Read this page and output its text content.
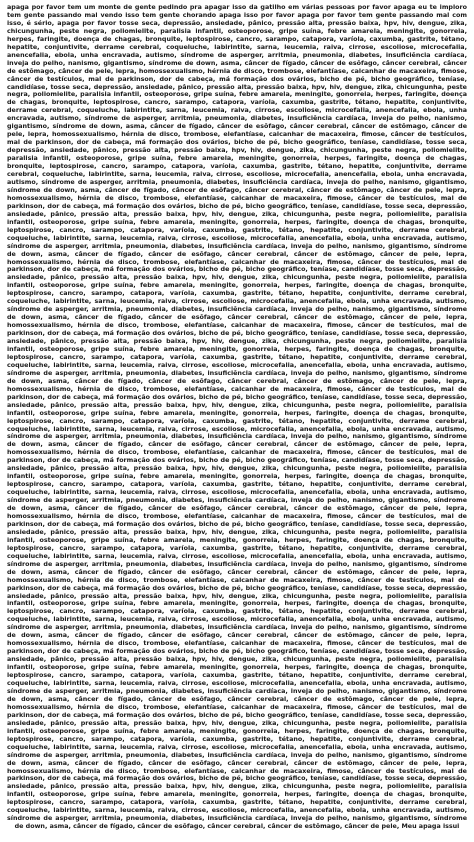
apaga por favor tem um monte de gente pedindo pra apagar isso da gatilho em várias pessoas por favor apaga eu te imploro tem gente passando mal vendo isso tem gente chorando apaga isso por favor apaga por favor tem gente passando mal com isso, é sério, apaga por favor tosse seca, depressão, ansiedade, pânico, pressão alta, pressão baixa, hpv, hiv, dengue, zika, chicungunha, peste negra, poliomielite, paralisia infantil, osteoporose, gripe suína, febre amarela, meningite, gonorreia, herpes, faringite, doença de chagas, bronquite, leptospirose, cancro, sarampo, catapora, varíola, caxumba, gastrite, tétano, hepatite, conjuntivite, derrame cerebral, coqueluche, labirintite, sarna, leucemia, raiva, cirrose, escoliose, microcefalia, anencefalia, ebola, unha encravada, autismo, síndrome de asperger, arritmia, pneumonia, diabetes, insuficiência cardíaca, inveja do pelho, nanismo, gigantismo, síndrome de down, asma, câncer de fígado, câncer de esôfago, câncer cerebral, câncer de estômago, câncer de pele, lepra, homossexualismo, hérnia de disco, trombose, elefantíase, calcanhar de macaxeira, fimose, câncer de testículos, mal de parkinson, dor de cabeça, má formação dos ovários, bicho de pé, bicho geográfico, teníase, candidíase, tosse seca, depressão, ansiedade, pânico, pressão alta, pressão baixa, hpv, hiv, dengue, zika, chicungunha, peste negra, poliomielite, paralisia infantil, osteoporose, gripe suína, febre amarela, meningite, gonorreia, herpes, faringite, doença de chagas, bronquite, leptospirose, cancro, sarampo, catapora, varíola, caxumba, gastrite, tétano, hepatite, conjuntivite, derrame cerebral, coqueluche, labirintite, sarna, leucemia, raiva, cirrose, escoliose, microcefalia, anencefalia, ebola, unha encravada, autismo, síndrome de asperger, arritmia, pneumonia, diabetes, insuficiência cardíaca, inveja do pelho, nanismo, gigantismo, síndrome de down, asma, câncer de fígado, câncer de esôfago, câncer cerebral, câncer de estômago, câncer de pele, lepra, homossexualismo, hérnia de disco, trombose, elefantíase, calcanhar de macaxeira, fimose, câncer de testículos, mal de parkinson, dor de cabeça, má formação dos ovários, bicho de pé, bicho geográfico, teníase, candidíase, tosse seca, depressão, ansiedade, pânico, pressão alta, pressão baixa, hpv, hiv, dengue, zika, chicungunha, peste negra, poliomielite, paralisia infantil, osteoporose, gripe suína, febre amarela, meningite, gonorreia, herpes, faringite, doença de chagas, bronquite, leptospirose, cancro, sarampo, catapora, varíola, caxumba, gastrite, tétano, hepatite, conjuntivite, derrame cerebral, coqueluche, labirintite, sarna, leucemia, raiva, cirrose, escoliose, microcefalia, anencefalia, ebola, unha encravada, autismo, síndrome de asperger, arritmia, pneumonia, diabetes, insuficiência cardíaca, inveja do pelho, nanismo, gigantismo, síndrome de down, asma, câncer de fígado, câncer de esôfago, câncer cerebral, câncer de estômago, câncer de pele, lepra, homossexualismo, hérnia de disco, trombose, elefantíase, calcanhar de macaxeira, fimose, câncer de testículos, mal de parkinson, dor de cabeça, má formação dos ovários, bicho de pé, bicho geográfico, teníase, candidíase, tosse seca, depressão, ansiedade, pânico, pressão alta, pressão baixa, hpv, hiv, dengue, zika, chicungunha, peste negra, poliomielite, paralisia infantil, osteoporose, gripe suína, febre amarela, meningite, gonorreia, herpes, faringite, doença de chagas, bronquite, leptospirose, cancro, sarampo, catapora, varíola, caxumba, gastrite, tétano, hepatite, conjuntivite, derrame cerebral, coqueluche, labirintite, sarna, leucemia, raiva, cirrose, escoliose, microcefalia, anencefalia, ebola, unha encravada, autismo, síndrome de asperger, arritmia, pneumonia, diabetes, insuficiência cardíaca, inveja do pelho, nanismo, gigantismo, síndrome de down, asma, câncer de fígado, câncer de esôfago, câncer cerebral, câncer de estômago, câncer de pele, lepra, homossexualismo, hérnia de disco, trombose, elefantíase, calcanhar de macaxeira, fimose, câncer de testículos, mal de parkinson, dor de cabeça, má formação dos ovários, bicho de pé, bicho geográfico, teníase, candidíase, tosse seca, depressão, ansiedade, pânico, pressão alta, pressão baixa, hpv, hiv, dengue, zika, chicungunha, peste negra, poliomielite, paralisia infantil, osteoporose, gripe suína, febre amarela, meningite, gonorreia, herpes, faringite, doença de chagas, bronquite, leptospirose, cancro, sarampo, catapora, varíola, caxumba, gastrite, tétano, hepatite, conjuntivite, derrame cerebral, coqueluche, labirintite, sarna, leucemia, raiva, cirrose, escoliose, microcefalia, anencefalia, ebola, unha encravada, autismo, síndrome de asperger, arritmia, pneumonia, diabetes, insuficiência cardíaca, inveja do pelho, nanismo, gigantismo, síndrome de down, asma, câncer de fígado, câncer de esôfago, câncer cerebral, câncer de estômago, câncer de pele, lepra, homossexualismo, hérnia de disco, trombose, elefantíase, calcanhar de macaxeira, fimose, câncer de testículos, mal de parkinson, dor de cabeça, má formação dos ovários, bicho de pé, bicho geográfico, teníase, candidíase, tosse seca, depressão, ansiedade, pânico, pressão alta, pressão baixa, hpv, hiv, dengue, zika, chicungunha, peste negra, poliomielite, paralisia infantil, osteoporose, gripe suína, febre amarela, meningite, gonorreia, herpes, faringite, doença de chagas, bronquite, leptospirose, cancro, sarampo, catapora, varíola, caxumba, gastrite, tétano, hepatite, conjuntivite, derrame cerebral, coqueluche, labirintite, sarna, leucemia, raiva, cirrose, escoliose, microcefalia, anencefalia, ebola, unha encravada, autismo, síndrome de asperger, arritmia, pneumonia, diabetes, insuficiência cardíaca, inveja do pelho, nanismo, gigantismo, síndrome de down, asma, câncer de fígado, câncer de esôfago, câncer cerebral, câncer de estômago, câncer de pele, lepra, homossexualismo, hérnia de disco, trombose, elefantíase, calcanhar de macaxeira, fimose, câncer de testículos, mal de parkinson, dor de cabeça, má formação dos ovários, bicho de pé, bicho geográfico, teníase, candidíase, tosse seca, depressão, ansiedade, pânico, pressão alta, pressão baixa, hpv, hiv, dengue, zika, chicungunha, peste negra, poliomielite, paralisia infantil, osteoporose, gripe suína, febre amarela, meningite, gonorreia, herpes, faringite, doença de chagas, bronquite, leptospirose, cancro, sarampo, catapora, varíola, caxumba, gastrite, tétano, hepatite, conjuntivite, derrame cerebral, coqueluche, labirintite, sarna, leucemia, raiva, cirrose, escoliose, microcefalia, anencefalia, ebola, unha encravada, autismo, síndrome de asperger, arritmia, pneumonia, diabetes, insuficiência cardíaca, inveja do pelho, nanismo, gigantismo, síndrome de down, asma, câncer de fígado, câncer de esôfago, câncer cerebral, câncer de estômago, câncer de pele, lepra, homossexualismo, hérnia de disco, trombose, elefantíase, calcanhar de macaxeira, fimose, câncer de testículos, mal de parkinson, dor de cabeça, má formação dos ovários, bicho de pé, bicho geográfico, teníase, candidíase, tosse seca, depressão, ansiedade, pânico, pressão alta, pressão baixa, hpv, hiv, dengue, zika, chicungunha, peste negra, poliomielite, paralisia infantil, osteoporose, gripe suína, febre amarela, meningite, gonorreia, herpes, faringite, doença de chagas, bronquite, leptospirose, cancro, sarampo, catapora, varíola, caxumba, gastrite, tétano, hepatite, conjuntivite, derrame cerebral, coqueluche, labirintite, sarna, leucemia, raiva, cirrose, escoliose, microcefalia, anencefalia, ebola, unha encravada, autismo, síndrome de asperger, arritmia, pneumonia, diabetes, insuficiência cardíaca, inveja do pelho, nanismo, gigantismo, síndrome de down, asma, câncer de fígado, câncer de esôfago, câncer cerebral, câncer de estômago, câncer de pele, lepra, homossexualismo, hérnia de disco, trombose, elefantíase, calcanhar de macaxeira, fimose, câncer de testículos, mal de parkinson, dor de cabeça, má formação dos ovários, bicho de pé, bicho geográfico, teníase, candidíase, tosse seca, depressão, ansiedade, pânico, pressão alta, pressão baixa, hpv, hiv, dengue, zika, chicungunha, peste negra, poliomielite, paralisia infantil, osteoporose, gripe suína, febre amarela, meningite, gonorreia, herpes, faringite, doença de chagas, bronquite, leptospirose, cancro, sarampo, catapora, varíola, caxumba, gastrite, tétano, hepatite, conjuntivite, derrame cerebral, coqueluche, labirintite, sarna, leucemia, raiva, cirrose, escoliose, microcefalia, anencefalia, ebola, unha encravada, autismo, síndrome de asperger, arritmia, pneumonia, diabetes, insuficiência cardíaca, inveja do pelho, nanismo, gigantismo, síndrome de down, asma, câncer de fígado, câncer de esôfago, câncer cerebral, câncer de estômago, câncer de pele, lepra, homossexualismo, hérnia de disco, trombose, elefantíase, calcanhar de macaxeira, fimose, câncer de testículos, mal de parkinson, dor de cabeça, má formação dos ovários, bicho de pé, bicho geográfico, teníase, candidíase, tosse seca, depressão, ansiedade, pânico, pressão alta, pressão baixa, hpv, hiv, dengue, zika, chicungunha, peste negra, poliomielite, paralisia infantil, osteoporose, gripe suína, febre amarela, meningite, gonorreia, herpes, faringite, doença de chagas, bronquite, leptospirose, cancro, sarampo, catapora, varíola, caxumba, gastrite, tétano, hepatite, conjuntivite, derrame cerebral, coqueluche, labirintite, sarna, leucemia, raiva, cirrose, escoliose, microcefalia, anencefalia, ebola, unha encravada, autismo, síndrome de asperger, arritmia, pneumonia, diabetes, insuficiência cardíaca, inveja do pelho, nanismo, gigantismo, síndrome de down, asma, câncer de fígado, câncer de esôfago, câncer cerebral, câncer de estômago, câncer de pele, lepra, homossexualismo, hérnia de disco, trombose, elefantíase, calcanhar de macaxeira, fimose, câncer de testículos, mal de parkinson, dor de cabeça, má formação dos ovários, bicho de pé, bicho geográfico, teníase, candidíase, tosse seca, depressão, ansiedade, pânico, pressão alta, pressão baixa, hpv, hiv, dengue, zika, chicungunha, peste negra, poliomielite, paralisia infantil, osteoporose, gripe suína, febre amarela, meningite, gonorreia, herpes, faringite, doença de chagas, bronquite, leptospirose, cancro, sarampo, catapora, varíola, caxumba, gastrite, tétano, hepatite, conjuntivite, derrame cerebral, coqueluche, labirintite, sarna, leucemia, raiva, cirrose, escoliose, microcefalia, anencefalia, ebola, unha encravada, autismo, síndrome de asperger, arritmia, pneumonia, diabetes, insuficiência cardíaca, inveja do pelho, nanismo, gigantismo, síndrome de down, asma, câncer de fígado, câncer de esôfago, câncer cerebral, câncer de estômago, câncer de pele, lepra, homossexualismo, hérnia de disco, trombose, elefantíase, calcanhar de macaxeira, fimose, câncer de testículos, mal de parkinson, dor de cabeça, má formação dos ovários, bicho de pé, bicho geográfico, teníase, candidíase, tosse seca, depressão, ansiedade, pânico, pressão alta, pressão baixa, hpv, hiv, dengue, zika, chicungunha, peste negra, poliomielite, paralisia infantil, osteoporose, gripe suína, febre amarela, meningite, gonorreia, herpes, faringite, doença de chagas, bronquite, leptospirose, cancro, sarampo, catapora, varíola, caxumba, gastrite, tétano, hepatite, conjuntivite, derrame cerebral, coqueluche, labirintite, sarna, leucemia, raiva, cirrose, escoliose, microcefalia, anencefalia, ebola, unha encravada, autismo, síndrome de asperger, arritmia, pneumonia, diabetes, insuficiência cardíaca, inveja do pelho, nanismo, gigantismo, síndrome de down, asma, câncer de fígado, câncer de esôfago, câncer cerebral, câncer de estômago, câncer de pele, lepra, homossexualismo, hérnia de disco, trombose, elefantíase, calcanhar de macaxeira, fimose, câncer de testículos, mal de parkinson, dor de cabeça, má formação dos ovários, bicho de pé, bicho geográfico, teníase, candidíase, tosse seca, depressão, ansiedade, pânico, pressão alta, pressão baixa, hpv, hiv, dengue, zika, chicungunha, peste negra, poliomielite, paralisia infantil, osteoporose, gripe suína, febre amarela, meningite, gonorreia, herpes, faringite, doença de chagas, bronquite, leptospirose, cancro, sarampo, catapora, varíola, caxumba, gastrite, tétano, hepatite, conjuntivite, derrame cerebral, coqueluche, labirintite, sarna, leucemia, raiva, cirrose, escoliose, microcefalia, anencefalia, ebola, unha encravada, autismo, síndrome de asperger, arritmia, pneumonia, diabetes, insuficiência cardíaca, inveja do pelho, nanismo, gigantismo, síndrome de down, asma, câncer de fígado, câncer de esôfago, câncer cerebral, câncer de estômago, câncer de pele, Meu apaga issui
